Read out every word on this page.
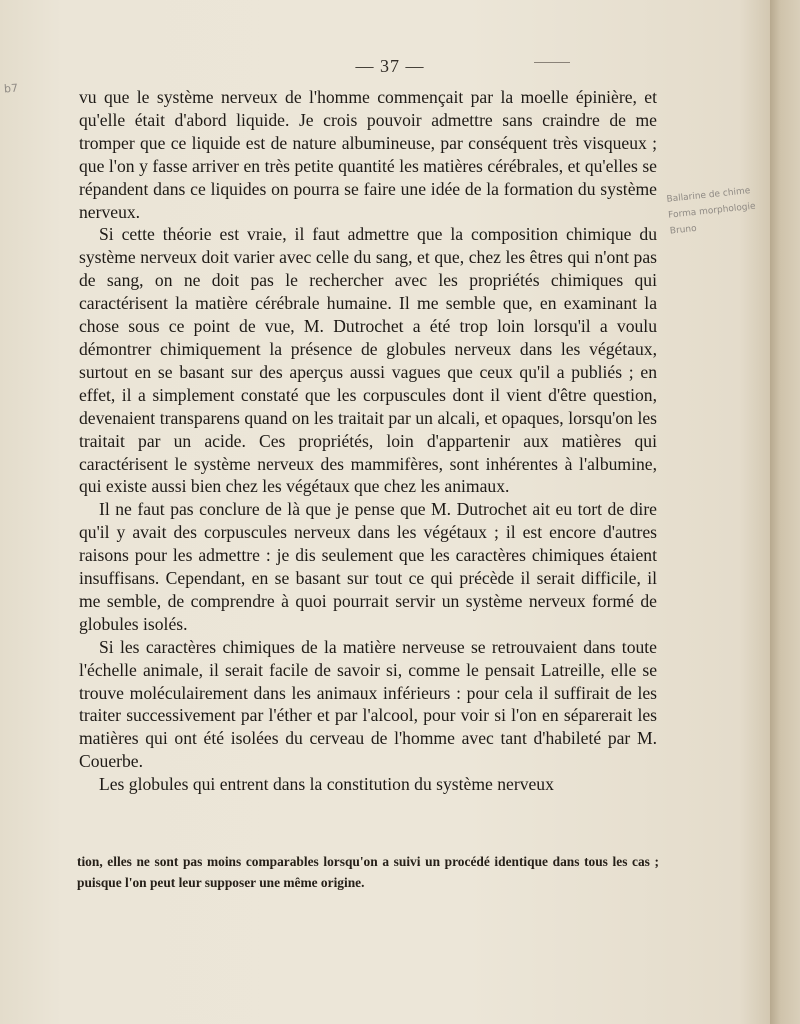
— 37 —
b7
Ballarine de chime
Forma morphologie
Bruno

vu que le système nerveux de l'homme commençait par la moelle épinière, et qu'elle était d'abord liquide. Je crois pouvoir admettre sans craindre de me tromper que ce liquide est de nature albumineuse, par conséquent très visqueux ; que l'on y fasse arriver en très petite quantité les matières cérébrales, et qu'elles se répandent dans ce liquides on pourra se faire une idée de la formation du système nerveux.

Si cette théorie est vraie, il faut admettre que la composition chimique du système nerveux doit varier avec celle du sang, et que, chez les êtres qui n'ont pas de sang, on ne doit pas le rechercher avec les propriétés chimiques qui caractérisent la matière cérébrale humaine. Il me semble que, en examinant la chose sous ce point de vue, M. Dutrochet a été trop loin lorsqu'il a voulu démontrer chimiquement la présence de globules nerveux dans les végétaux, surtout en se basant sur des aperçus aussi vagues que ceux qu'il a publiés ; en effet, il a simplement constaté que les corpuscules dont il vient d'être question, devenaient transparens quand on les traitait par un alcali, et opaques, lorsqu'on les traitait par un acide. Ces propriétés, loin d'appartenir aux matières qui caractérisent le système nerveux des mammifères, sont inhérentes à l'albumine, qui existe aussi bien chez les végétaux que chez les animaux.

Il ne faut pas conclure de là que je pense que M. Dutrochet ait eu tort de dire qu'il y avait des corpuscules nerveux dans les végétaux ; il est encore d'autres raisons pour les admettre : je dis seulement que les caractères chimiques étaient insuffisans. Cependant, en se basant sur tout ce qui précède il serait difficile, il me semble, de comprendre à quoi pourrait servir un système nerveux formé de globules isolés.

Si les caractères chimiques de la matière nerveuse se retrouvaient dans toute l'échelle animale, il serait facile de savoir si, comme le pensait Latreille, elle se trouve moléculairement dans les animaux inférieurs : pour cela il suffirait de les traiter successivement par l'éther et par l'alcool, pour voir si l'on en séparerait les matières qui ont été isolées du cerveau de l'homme avec tant d'habileté par M. Couerbe.

Les globules qui entrent dans la constitution du système nerveux

tion, elles ne sont pas moins comparables lorsqu'on a suivi un procédé identique dans tous les cas ; puisque l'on peut leur supposer une même origine.
